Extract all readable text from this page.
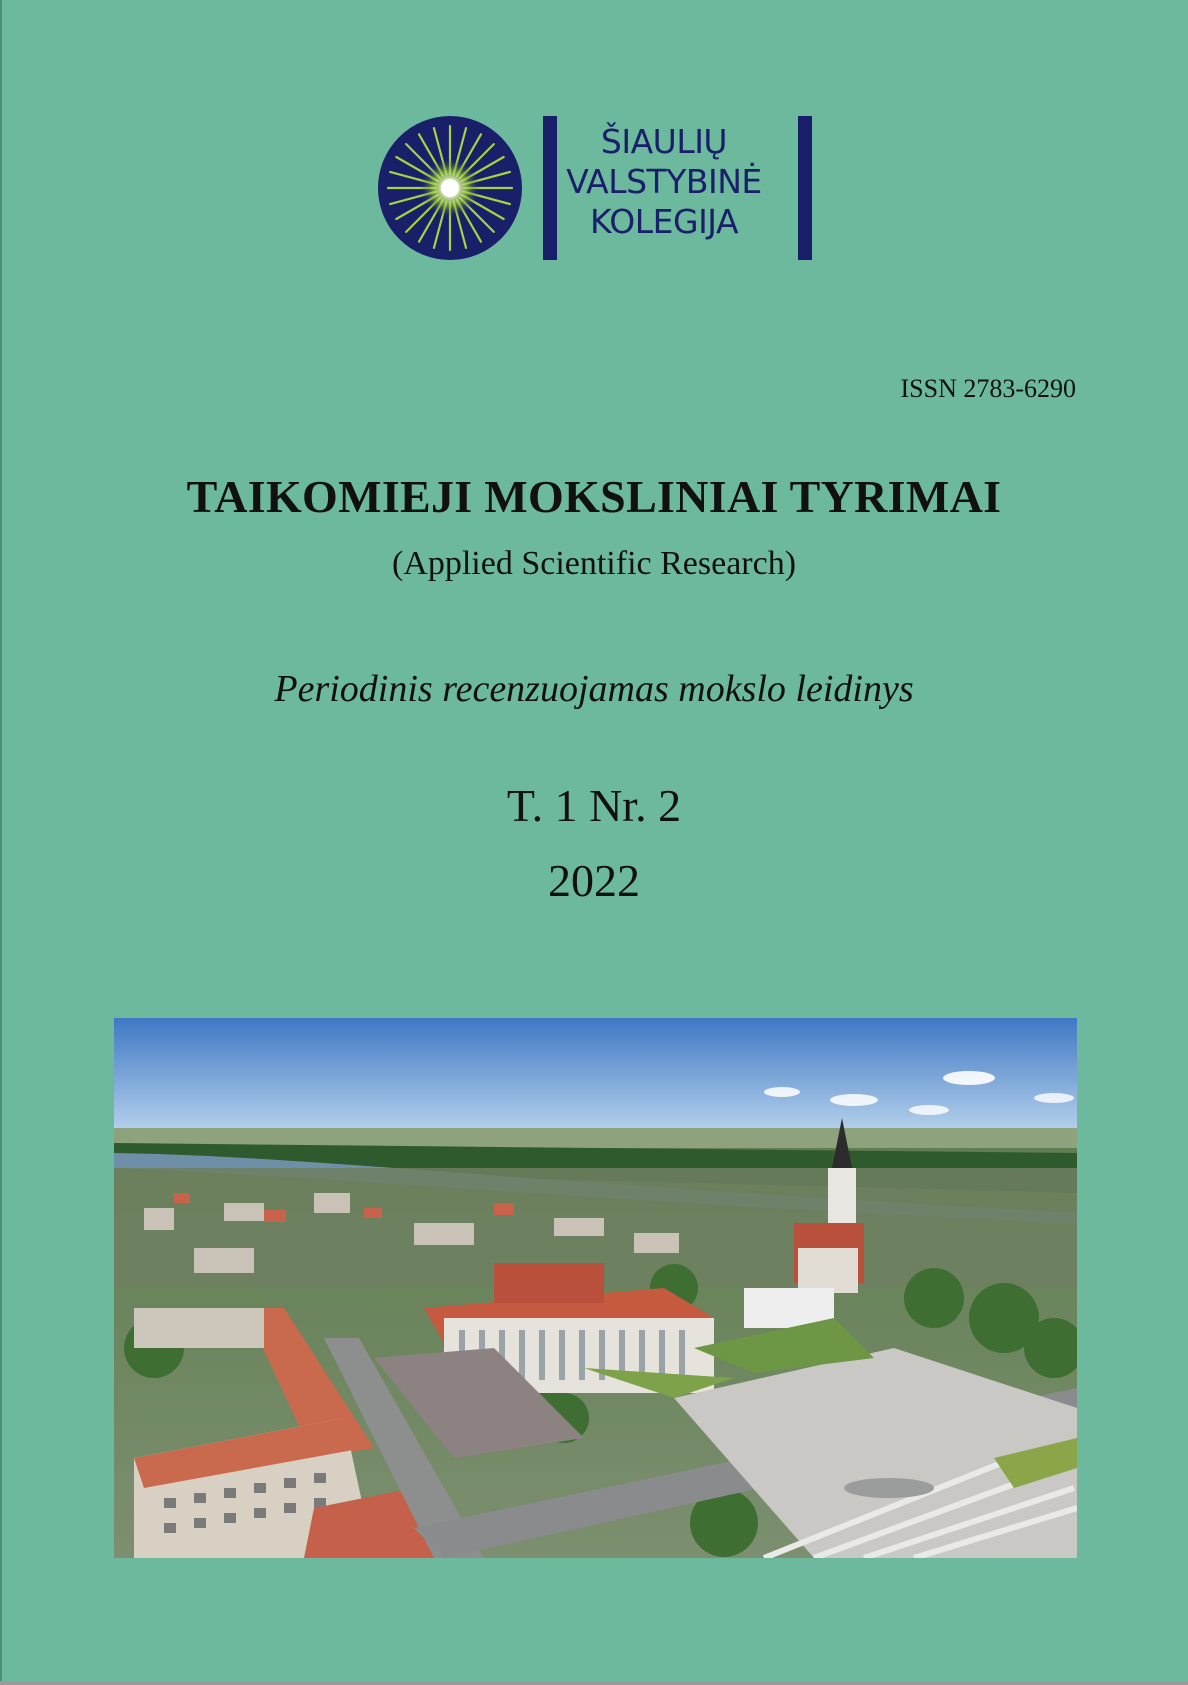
ŠIAULIŲ
VALSTYBINĖ
KOLEGIJA
ISSN 2783-6290
TAIKOMIEJI MOKSLINIAI TYRIMAI
(Applied Scientific Research)
Periodinis recenzuojamas mokslo leidinys
T. 1 Nr. 2
2022
